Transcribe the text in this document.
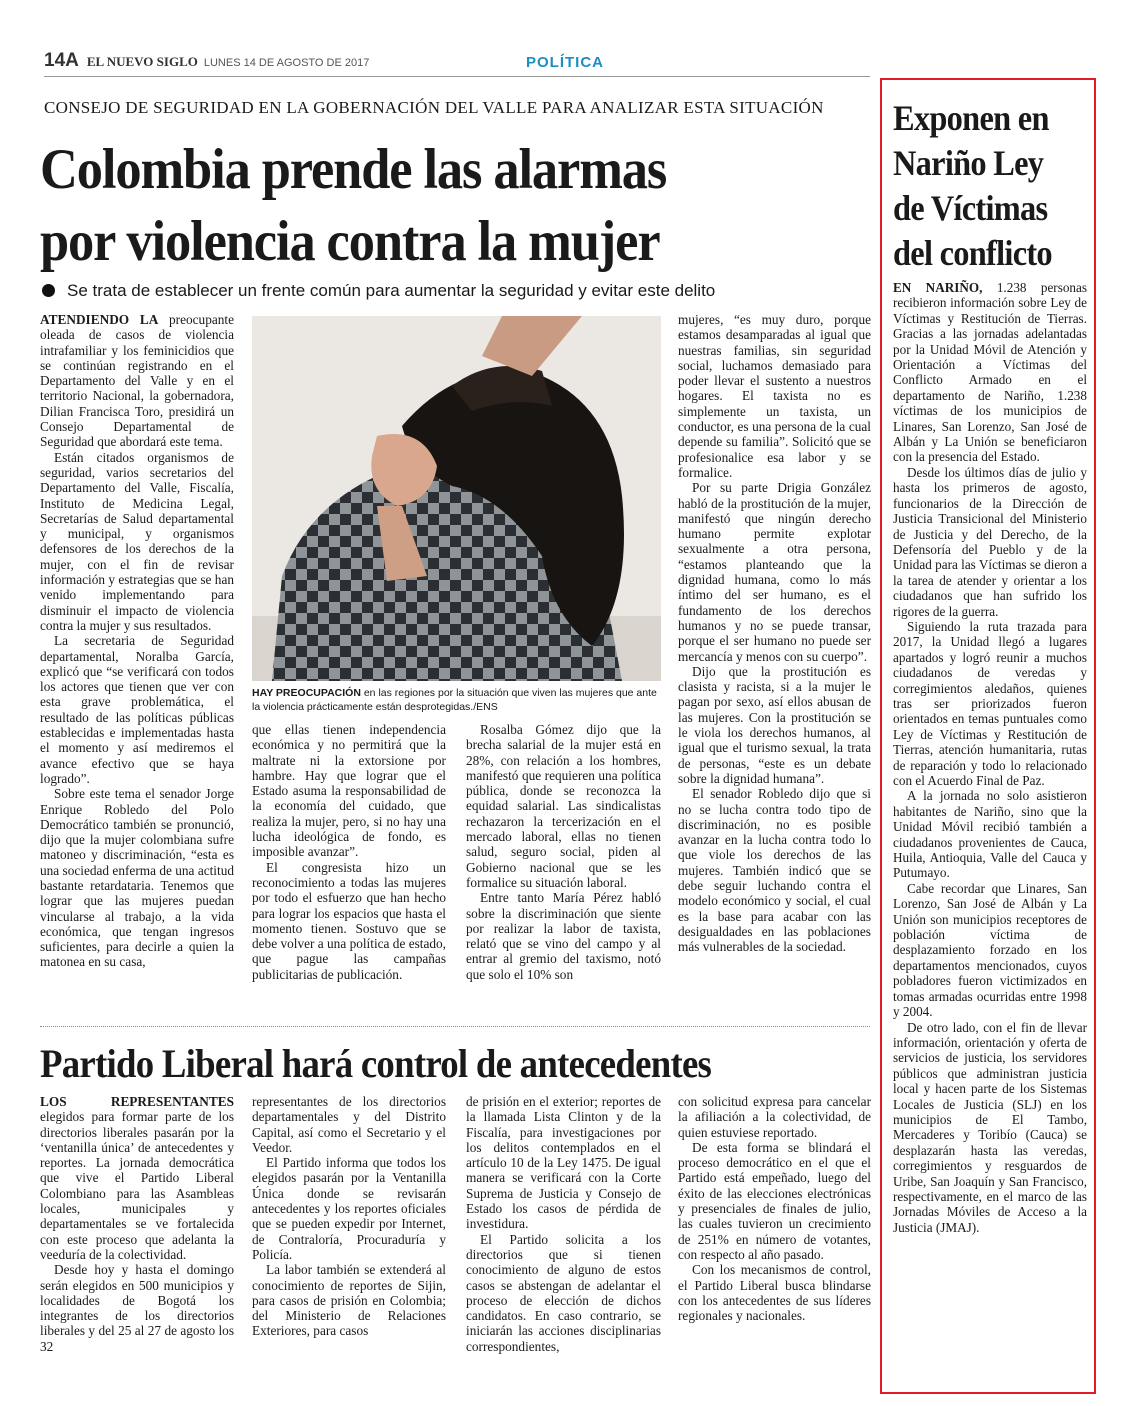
14A EL NUEVO SIGLO LUNES 14 DE AGOSTO DE 2017	POLÍTICA
CONSEJO DE SEGURIDAD EN LA GOBERNACIÓN DEL VALLE PARA ANALIZAR ESTA SITUACIÓN
Colombia prende las alarmas
por violencia contra la mujer
Se trata de establecer un frente común para aumentar la seguridad y evitar este delito

ATENDIENDO LA preocupante oleada de casos de violencia intrafamiliar y los feminicidios que se continúan registrando en el Departamento del Valle y en el territorio Nacional, la gobernadora, Dilian Francisca Toro, presidirá un Consejo Departamental de Seguridad que abordará este tema.

Están citados organismos de seguridad, varios secretarios del Departamento del Valle, Fiscalía, Instituto de Medicina Legal, Secretarías de Salud departamental y municipal, y organismos defensores de los derechos de la mujer, con el fin de revisar información y estrategias que se han venido implementando para disminuir el impacto de violencia contra la mujer y sus resultados.

La secretaria de Seguridad departamental, Noralba García, explicó que “se verificará con todos los actores que tienen que ver con esta grave problemática, el resultado de las políticas públicas establecidas e implementadas hasta el momento y así mediremos el avance efectivo que se haya logrado”.

Sobre este tema el senador Jorge Enrique Robledo del Polo Democrático también se pronunció, dijo que la mujer colombiana sufre matoneo y discriminación, “esta es una sociedad enferma de una actitud bastante retardataria. Tenemos que lograr que las mujeres puedan vincularse al trabajo, a la vida económica, que tengan ingresos suficientes, para decirle a quien la matonea en su casa,

HAY PREOCUPACIÓN en las regiones por la situación que viven las mujeres que ante la violencia prácticamente están desprotegidas./ENS

que ellas tienen independencia económica y no permitirá que la maltrate ni la extorsione por hambre. Hay que lograr que el Estado asuma la responsabilidad de la economía del cuidado, que realiza la mujer, pero, si no hay una lucha ideológica de fondo, es imposible avanzar”.

El congresista hizo un reconocimiento a todas las mujeres por todo el esfuerzo que han hecho para lograr los espacios que hasta el momento tienen. Sostuvo que se debe volver a una política de estado, que pague las campañas publicitarias de publicación.

Rosalba Gómez dijo que la brecha salarial de la mujer está en 28%, con relación a los hombres, manifestó que requieren una política pública, donde se reconozca la equidad salarial. Las sindicalistas rechazaron la tercerización en el mercado laboral, ellas no tienen salud, seguro social, piden al Gobierno nacional que se les formalice su situación laboral.

Entre tanto María Pérez habló sobre la discriminación que siente por realizar la labor de taxista, relató que se vino del campo y al entrar al gremio del taxismo, notó que solo el 10% son

mujeres, “es muy duro, porque estamos desamparadas al igual que nuestras familias, sin seguridad social, luchamos demasiado para poder llevar el sustento a nuestros hogares. El taxista no es simplemente un taxista, un conductor, es una persona de la cual depende su familia”. Solicitó que se profesionalice esa labor y se formalice.

Por su parte Drigia González habló de la prostitución de la mujer, manifestó que ningún derecho humano permite explotar sexualmente a otra persona, “estamos planteando que la dignidad humana, como lo más íntimo del ser humano, es el fundamento de los derechos humanos y no se puede transar, porque el ser humano no puede ser mercancía y menos con su cuerpo”.

Dijo que la prostitución es clasista y racista, si a la mujer le pagan por sexo, así ellos abusan de las mujeres. Con la prostitución se le viola los derechos humanos, al igual que el turismo sexual, la trata de personas, “este es un debate sobre la dignidad humana”.

El senador Robledo dijo que si no se lucha contra todo tipo de discriminación, no es posible avanzar en la lucha contra todo lo que viole los derechos de las mujeres. También indicó que se debe seguir luchando contra el modelo económico y social, el cual es la base para acabar con las desigualdades en las poblaciones más vulnerables de la sociedad.

Partido Liberal hará control de antecedentes

LOS REPRESENTANTES elegidos para formar parte de los directorios liberales pasarán por la ‘ventanilla única’ de antecedentes y reportes. La jornada democrática que vive el Partido Liberal Colombiano para las Asambleas locales, municipales y departamentales se ve fortalecida con este proceso que adelanta la veeduría de la colectividad.

Desde hoy y hasta el domingo serán elegidos en 500 municipios y localidades de Bogotá los integrantes de los directorios liberales y del 25 al 27 de agosto los 32

representantes de los directorios departamentales y del Distrito Capital, así como el Secretario y el Veedor.

El Partido informa que todos los elegidos pasarán por la Ventanilla Única donde se revisarán antecedentes y los reportes oficiales que se pueden expedir por Internet, de Contraloría, Procuraduría y Policía.

La labor también se extenderá al conocimiento de reportes de Sijin, para casos de prisión en Colombia; del Ministerio de Relaciones Exteriores, para casos

de prisión en el exterior; reportes de la llamada Lista Clinton y de la Fiscalía, para investigaciones por los delitos contemplados en el artículo 10 de la Ley 1475. De igual manera se verificará con la Corte Suprema de Justicia y Consejo de Estado los casos de pérdida de investidura.

El Partido solicita a los directorios que si tienen conocimiento de alguno de estos casos se abstengan de adelantar el proceso de elección de dichos candidatos. En caso contrario, se iniciarán las acciones disciplinarias correspondientes,

con solicitud expresa para cancelar la afiliación a la colectividad, de quien estuviese reportado.

De esta forma se blindará el proceso democrático en el que el Partido está empeñado, luego del éxito de las elecciones electrónicas y presenciales de finales de julio, las cuales tuvieron un crecimiento de 251% en número de votantes, con respecto al año pasado.

Con los mecanismos de control, el Partido Liberal busca blindarse con los antecedentes de sus líderes regionales y nacionales.

Exponen en Nariño Ley de Víctimas del conflicto

EN NARIÑO, 1.238 personas recibieron información sobre Ley de Víctimas y Restitución de Tierras. Gracias a las jornadas adelantadas por la Unidad Móvil de Atención y Orientación a Víctimas del Conflicto Armado en el departamento de Nariño, 1.238 víctimas de los municipios de Linares, San Lorenzo, San José de Albán y La Unión se beneficiaron con la presencia del Estado.

Desde los últimos días de julio y hasta los primeros de agosto, funcionarios de la Dirección de Justicia Transicional del Ministerio de Justicia y del Derecho, de la Defensoría del Pueblo y de la Unidad para las Víctimas se dieron a la tarea de atender y orientar a los ciudadanos que han sufrido los rigores de la guerra.

Siguiendo la ruta trazada para 2017, la Unidad llegó a lugares apartados y logró reunir a muchos ciudadanos de veredas y corregimientos aledaños, quienes tras ser priorizados fueron orientados en temas puntuales como Ley de Víctimas y Restitución de Tierras, atención humanitaria, rutas de reparación y todo lo relacionado con el Acuerdo Final de Paz.

A la jornada no solo asistieron habitantes de Nariño, sino que la Unidad Móvil recibió también a ciudadanos provenientes de Cauca, Huila, Antioquia, Valle del Cauca y Putumayo.

Cabe recordar que Linares, San Lorenzo, San José de Albán y La Unión son municipios receptores de población víctima de desplazamiento forzado en los departamentos mencionados, cuyos pobladores fueron victimizados en tomas armadas ocurridas entre 1998 y 2004.

De otro lado, con el fin de llevar información, orientación y oferta de servicios de justicia, los servidores públicos que administran justicia local y hacen parte de los Sistemas Locales de Justicia (SLJ) en los municipios de El Tambo, Mercaderes y Toribío (Cauca) se desplazarán hasta las veredas, corregimientos y resguardos de Uribe, San Joaquín y San Francisco, respectivamente, en el marco de las Jornadas Móviles de Acceso a la Justicia (JMAJ).
